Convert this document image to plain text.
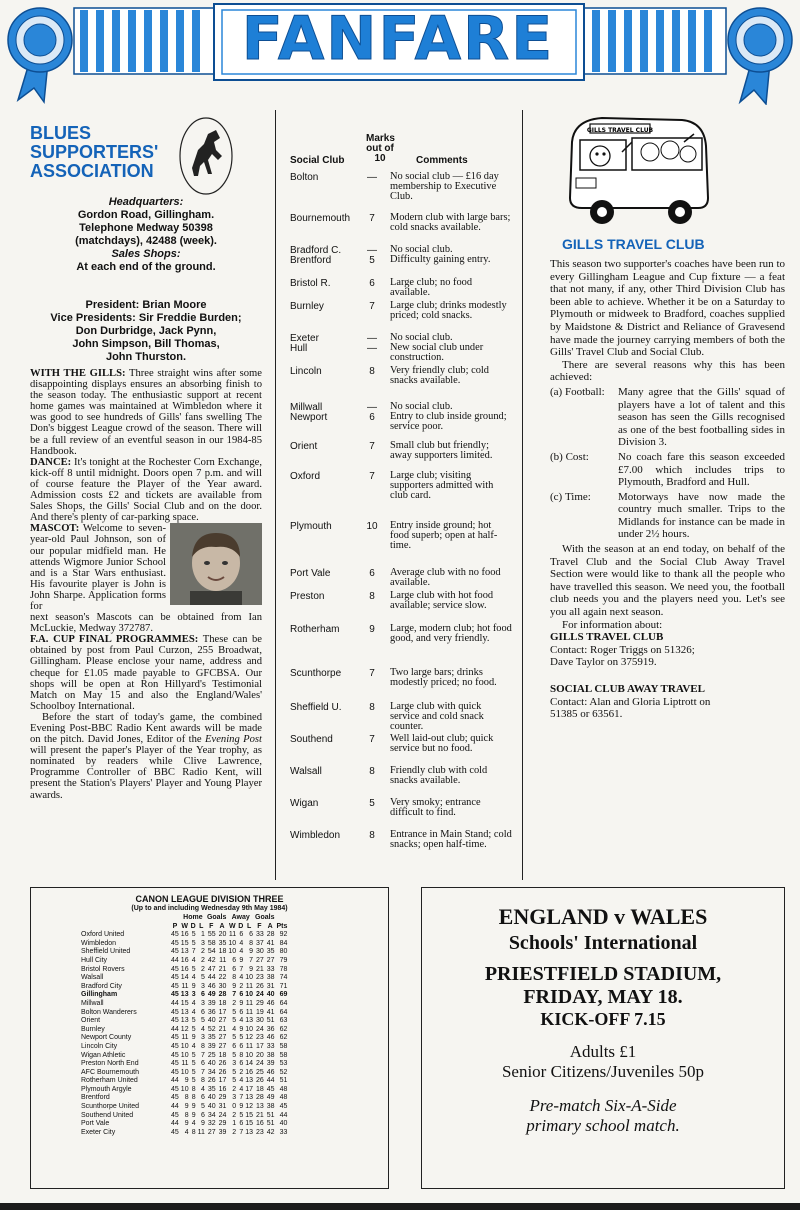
FANFARE
BLUES
SUPPORTERS'
ASSOCIATION
Headquarters:
Gordon Road, Gillingham.
Telephone Medway 50398
(matchdays), 42488 (week).
Sales Shops:
At each end of the ground.
President: Brian Moore
Vice Presidents: Sir Freddie Burden;
Don Durbridge, Jack Pynn,
John Simpson, Bill Thomas,
John Thurston.

WITH THE GILLS: Three straight wins after some disappointing displays ensures an absorbing finish to the season today. The enthusiastic support at recent home games was maintained at Wimbledon where it was good to see hundreds of Gills' fans swelling The Don's biggest League crowd of the season. There will be a full review of an eventful season in our 1984-85 Handbook.

DANCE: It's tonight at the Rochester Corn Exchange, kick-off 8 until midnight. Doors open 7 p.m. and will of course feature the Player of the Year award. Admission costs £2 and tickets are available from Sales Shops, the Gills' Social Club and on the door. And there's plenty of car-parking space.

MASCOT: Welcome to seven-year-old Paul Johnson, son of our popular midfield man. He attends Wigmore Junior School and is a Star Wars enthusiast. His favourite player is John is John Sharpe. Application forms for

next season's Mascots can be obtained from Ian McLuckie, Medway 372787.

F.A. CUP FINAL PROGRAMMES: These can be obtained by post from Paul Curzon, 255 Broadwat, Gillingham. Please enclose your name, address and cheque for £1.05 made payable to GFCBSA. Our shops will be open at Ron Hillyard's Testimonial Match on May 15 and also the England/Wales' Schoolboy International.

Before the start of today's game, the combined Evening Post-BBC Radio Kent awards will be made on the pitch. David Jones, Editor of the Evening Post will present the paper's Player of the Year trophy, as nominated by readers while Clive Lawrence, Programme Controller of BBC Radio Kent, will present the Station's Players' Player and Young Player awards.

Social Club
Marks
out of
10	Comments
Bolton	— No social club — £16 day membership to Executive Club.
Bournemouth	7	Modern club with large bars; cold snacks available.
Bradford C.	— No social club.
Brentford	5	Difficulty gaining entry.
Bristol R.	6	Large club; no food available.
Burnley	7	Large club; drinks modestly priced; cold snacks.
Exeter	— No social club.
Hull	— New social club under construction.
Lincoln	8	Very friendly club; cold snacks available.
Millwall	— No social club.
Newport	6	Entry to club inside ground; service poor.
Orient	7	Small club but friendly; away supporters limited.
Oxford	7	Large club; visiting supporters admitted with club card.
Plymouth	10 Entry inside ground; hot food superb; open at half-time.
Port Vale	6	Average club with no food available.
Preston	8	Large club with hot food available; service slow.
Rotherham	9	Large, modern club; hot food good, and very friendly.
Scunthorpe	7	Two large bars; drinks modestly priced; no food.
Sheffield U.	8	Large club with quick service and cold snack counter.
Southend	7	Well laid-out club; quick service but no food.
Walsall	8	Friendly club with cold snacks available.
Wigan	5	Very smoky; entrance difficult to find.
Wimbledon	8	Entrance in Main Stand; cold snacks; open half-time.
GILLS TRAVEL CLUB
GILLS TRAVEL CLUB

This season two supporter's coaches have been run to every Gillingham League and Cup fixture — a feat that not many, if any, other Third Division Club has been able to achieve. Whether it be on a Saturday to Plymouth or midweek to Bradford, coaches supplied by Maidstone & District and Reliance of Gravesend have made the journey carrying members of both the Gills' Travel Club and Social Club.

There are several reasons why this has been achieved:

(a) Football:	Many agree that the Gills' squad of players have a lot of talent and this season has seen the Gills recognised as one of the best footballing sides in Division 3.
(b) Cost:	No coach fare this season exceeded £7.00 which includes trips to Plymouth, Bradford and Hull.
(c) Time:	Motorways have now made the country much smaller. Trips to the Midlands for instance can be made in under 2½ hours.

With the season at an end today, on behalf of the Travel Club and the Social Club Away Travel Section were would like to thank all the people who have travelled this season. We need you, the football club needs you and the players need you. Let's see you all again next season.

For information about:

GILLS TRAVEL CLUB

Contact: Roger Triggs on 51326;

Dave Taylor on 375919.

SOCIAL CLUB AWAY TRAVEL

Contact: Alan and Gloria Liptrott on

51385 or 63561.

CANON LEAGUE DIVISION THREE
(Up to and including Wednesday 9th May 1984)
		Home			Goals		Away			Goals		
	P	W	D	L	F	A	W	D	L	F	A	Pts
Oxford United	45	16	5	1	55	20	11	6	6	33	28	92
Wimbledon	45	15	5	3	58	35	10	4	8	37	41	84
Sheffield United	45	13	7	2	54	18	10	4	9	30	35	80
Hull City	44	16	4	2	42	11	6	9	7	27	27	79
Bristol Rovers	45	16	5	2	47	21	6	7	9	21	33	78
Walsall	45	14	4	5	44	22	8	4	10	23	38	74
Bradford City	45	11	9	3	46	30	9	2	11	26	31	71
Gillingham	45	13	3	6	49	28	7	6	10	24	40	69
Millwall	44	15	4	3	39	18	2	9	11	29	46	64
Bolton Wanderers	45	13	4	6	36	17	5	6	11	19	41	64
Orient	45	13	5	5	40	27	5	4	13	30	51	63
Burnley	44	12	5	4	52	21	4	9	10	24	36	62
Newport County	45	11	9	3	35	27	5	5	12	23	46	62
Lincoln City	45	10	4	8	39	27	6	6	11	17	33	58
Wigan Athletic	45	10	5	7	25	18	5	8	10	20	38	58
Preston North End	45	11	5	6	40	26	3	6	14	24	39	53
AFC Bournemouth	45	10	5	7	34	26	5	2	16	25	46	52
Rotherham United	44	9	5	8	26	17	5	4	13	26	44	51
Plymouth Argyle	45	10	8	4	35	16	2	4	17	18	45	48
Brentford	45	8	8	6	40	29	3	7	13	28	49	48
Scunthorpe United	44	9	9	5	40	31	0	9	12	13	38	45
Southend United	45	8	9	6	34	24	2	5	15	21	51	44
Port Vale	44	9	4	9	32	29	1	6	15	16	51	40
Exeter City	45	4	8	11	27	39	2	7	13	23	42	33
ENGLAND v WALES
Schools' International
PRIESTFIELD STADIUM,
FRIDAY, MAY 18.
KICK-OFF 7.15
Adults £1
Senior Citizens/Juveniles 50p
Pre-match Six-A-Side
primary school match.
